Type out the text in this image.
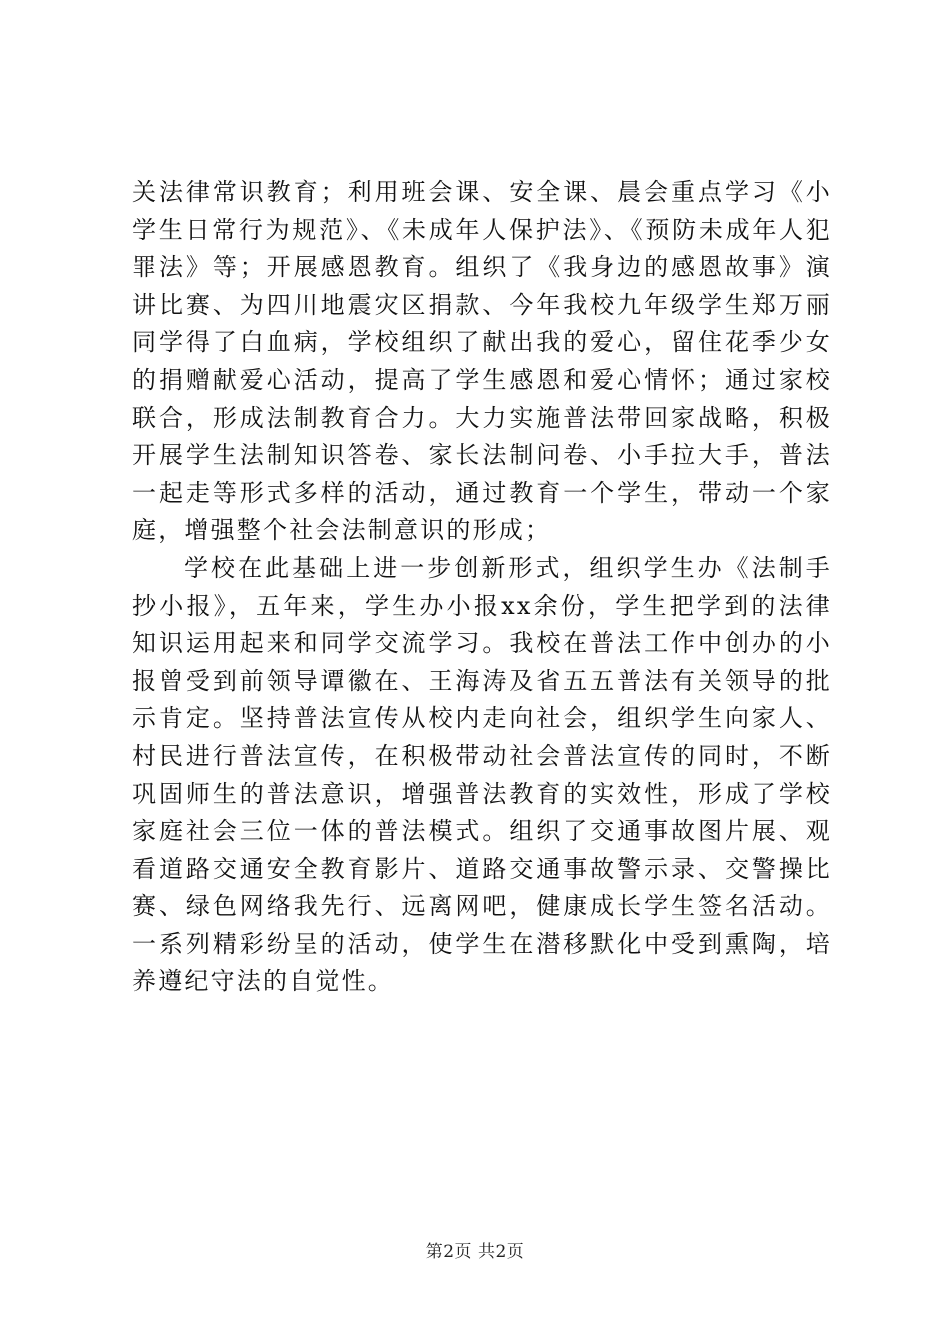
关法律常识教育；利用班会课、安全课、晨会重点学习《小学生日常行为规范》、《未成年人保护法》、《预防未成年人犯罪法》等；开展感恩教育。组织了《我身边的感恩故事》演讲比赛、为四川地震灾区捐款、今年我校九年级学生郑万丽同学得了白血病，学校组织了献出我的爱心，留住花季少女的捐赠献爱心活动，提高了学生感恩和爱心情怀；通过家校联合，形成法制教育合力。大力实施普法带回家战略，积极开展学生法制知识答卷、家长法制问卷、小手拉大手，普法一起走等形式多样的活动，通过教育一个学生，带动一个家庭，增强整个社会法制意识的形成；

学校在此基础上进一步创新形式，组织学生办《法制手抄小报》，五年来，学生办小报xx余份，学生把学到的法律知识运用起来和同学交流学习。我校在普法工作中创办的小报曾受到前领导谭徽在、王海涛及省五五普法有关领导的批示肯定。坚持普法宣传从校内走向社会，组织学生向家人、村民进行普法宣传，在积极带动社会普法宣传的同时，不断巩固师生的普法意识，增强普法教育的实效性，形成了学校家庭社会三位一体的普法模式。组织了交通事故图片展、观看道路交通安全教育影片、道路交通事故警示录、交警操比赛、绿色网络我先行、远离网吧，健康成长学生签名活动。一系列精彩纷呈的活动，使学生在潜移默化中受到熏陶，培养遵纪守法的自觉性。

第2页 共2页
